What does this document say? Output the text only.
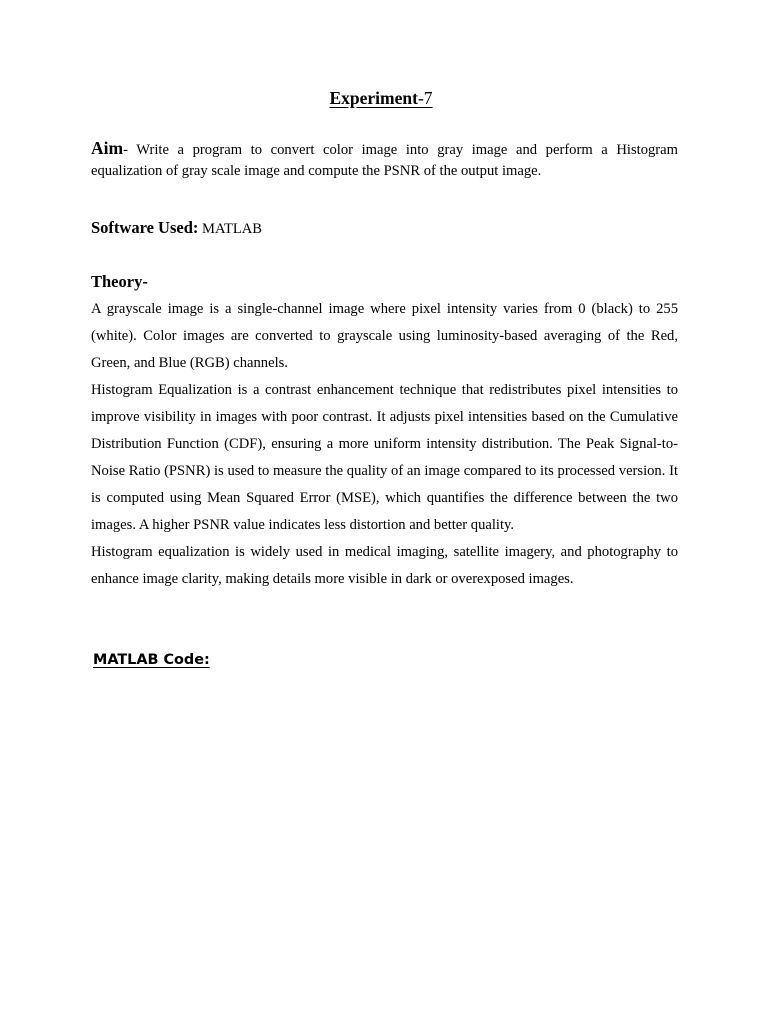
Experiment-7

Aim- Write a program to convert color image into gray image and perform a Histogram equalization of gray scale image and compute the PSNR of the output image.

Software Used: MATLAB

Theory-

A grayscale image is a single-channel image where pixel intensity varies from 0 (black) to 255 (white). Color images are converted to grayscale using luminosity-based averaging of the Red, Green, and Blue (RGB) channels.

Histogram Equalization is a contrast enhancement technique that redistributes pixel intensities to improve visibility in images with poor contrast. It adjusts pixel intensities based on the Cumulative Distribution Function (CDF), ensuring a more uniform intensity distribution. The Peak Signal-to-Noise Ratio (PSNR) is used to measure the quality of an image compared to its processed version. It is computed using Mean Squared Error (MSE), which quantifies the difference between the two images. A higher PSNR value indicates less distortion and better quality.

Histogram equalization is widely used in medical imaging, satellite imagery, and photography to enhance image clarity, making details more visible in dark or overexposed images.

MATLAB Code:
